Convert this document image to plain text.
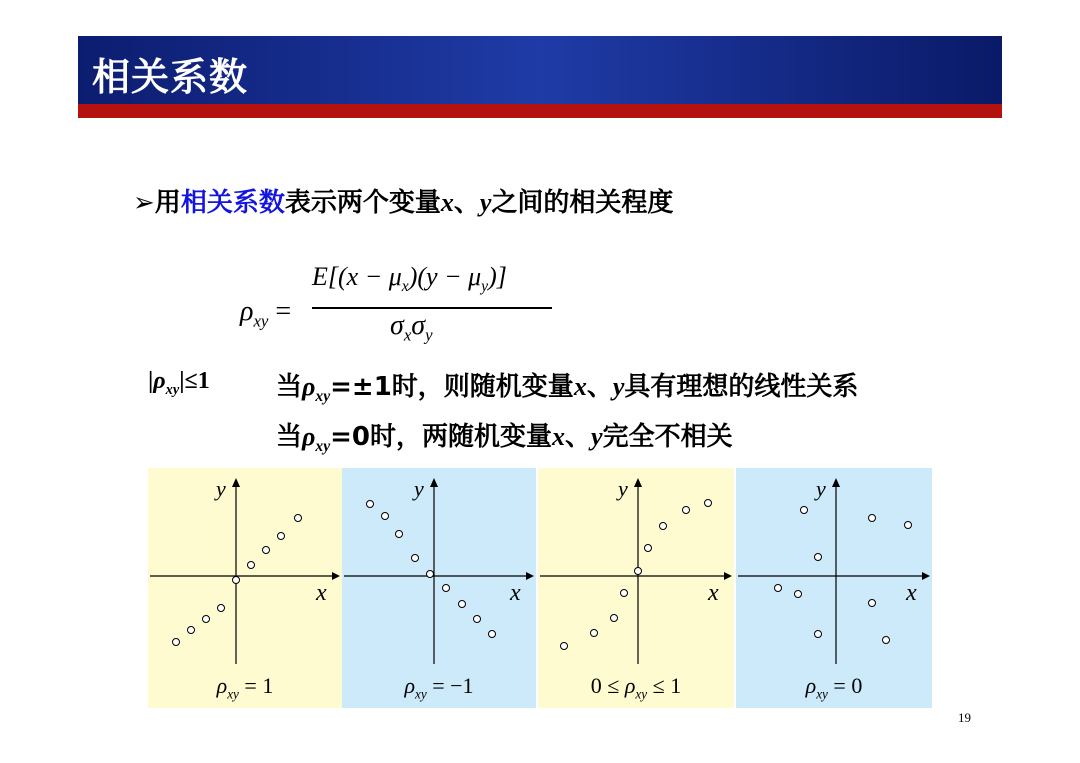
相关系数
➢用相关系数表示两个变量x、y之间的相关程度
$\rho_{xy}$ =
$E[(x - \mu_x)(y - \mu_y)]$
$\sigma_x\sigma_y$
$|\rho_{xy}|\le 1$	当$\rho_{xy}=\pm 1$时，则随机变量x、y具有理想的线性关系
当$\rho_{xy}=0$时，两随机变量x、y完全不相关
x
y
$\rho_{xy} = 1$
x
y
$\rho_{xy} = -1$
x
y
$0 \le \rho_{xy} \le 1$
x
y
$\rho_{xy} = 0$
19
